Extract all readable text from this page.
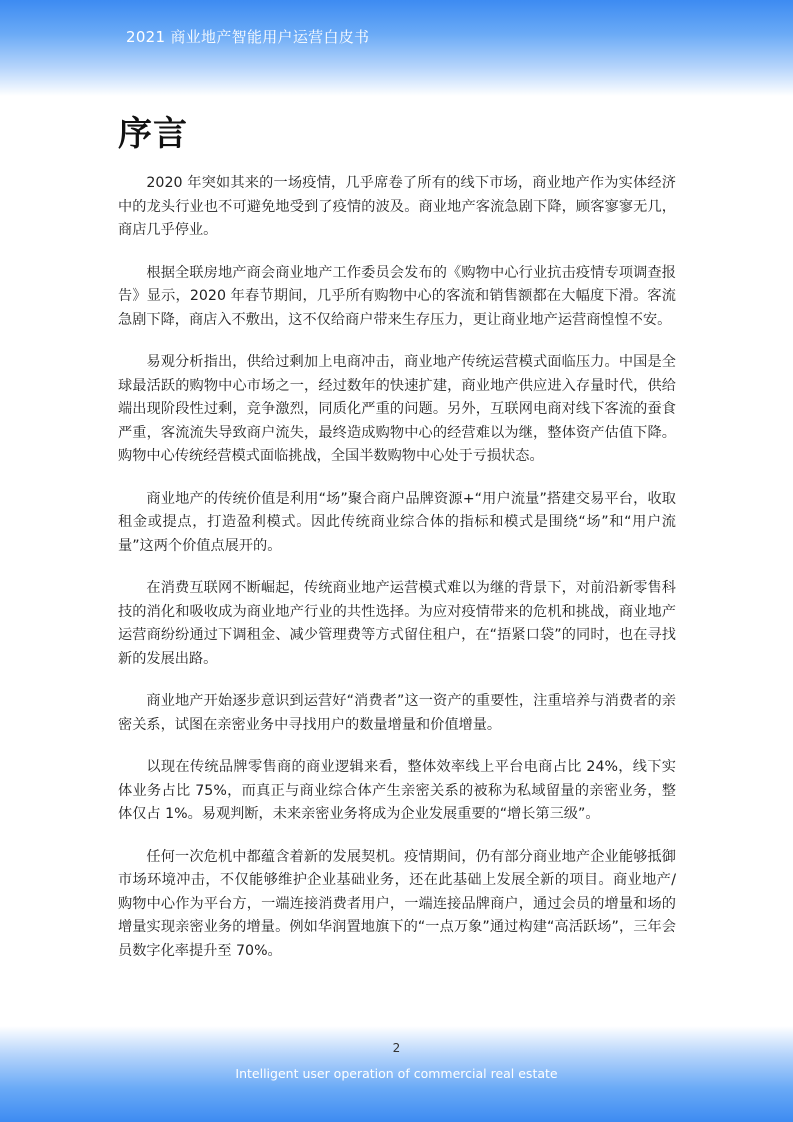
2021 商业地产智能用户运营白皮书
序言

2020 年突如其来的一场疫情，几乎席卷了所有的线下市场，商业地产作为实体经济中的龙头行业也不可避免地受到了疫情的波及。商业地产客流急剧下降，顾客寥寥无几，商店几乎停业。

根据全联房地产商会商业地产工作委员会发布的《购物中心行业抗击疫情专项调查报告》显示，2020 年春节期间，几乎所有购物中心的客流和销售额都在大幅度下滑。客流急剧下降，商店入不敷出，这不仅给商户带来生存压力，更让商业地产运营商惶惶不安。

易观分析指出，供给过剩加上电商冲击，商业地产传统运营模式面临压力。中国是全球最活跃的购物中心市场之一，经过数年的快速扩建，商业地产供应进入存量时代，供给端出现阶段性过剩，竞争激烈，同质化严重的问题。另外，互联网电商对线下客流的蚕食严重，客流流失导致商户流失，最终造成购物中心的经营难以为继，整体资产估值下降。购物中心传统经营模式面临挑战，全国半数购物中心处于亏损状态。

商业地产的传统价值是利用“场”聚合商户品牌资源+“用户流量”搭建交易平台，收取租金或提点，打造盈利模式。因此传统商业综合体的指标和模式是围绕“场”和“用户流量”这两个价值点展开的。

在消费互联网不断崛起，传统商业地产运营模式难以为继的背景下，对前沿新零售科技的消化和吸收成为商业地产行业的共性选择。为应对疫情带来的危机和挑战，商业地产运营商纷纷通过下调租金、减少管理费等方式留住租户，在“捂紧口袋”的同时，也在寻找新的发展出路。

商业地产开始逐步意识到运营好“消费者”这一资产的重要性，注重培养与消费者的亲密关系，试图在亲密业务中寻找用户的数量增量和价值增量。

以现在传统品牌零售商的商业逻辑来看，整体效率线上平台电商占比 24%，线下实体业务占比 75%，而真正与商业综合体产生亲密关系的被称为私域留量的亲密业务，整体仅占 1%。易观判断，未来亲密业务将成为企业发展重要的“增长第三级”。

任何一次危机中都蕴含着新的发展契机。疫情期间，仍有部分商业地产企业能够抵御市场环境冲击，不仅能够维护企业基础业务，还在此基础上发展全新的项目。商业地产/购物中心作为平台方，一端连接消费者用户，一端连接品牌商户，通过会员的增量和场的增量实现亲密业务的增量。例如华润置地旗下的“一点万象”通过构建“高活跃场”，三年会员数字化率提升至 70%。

2
Intelligent user operation of commercial real estate
